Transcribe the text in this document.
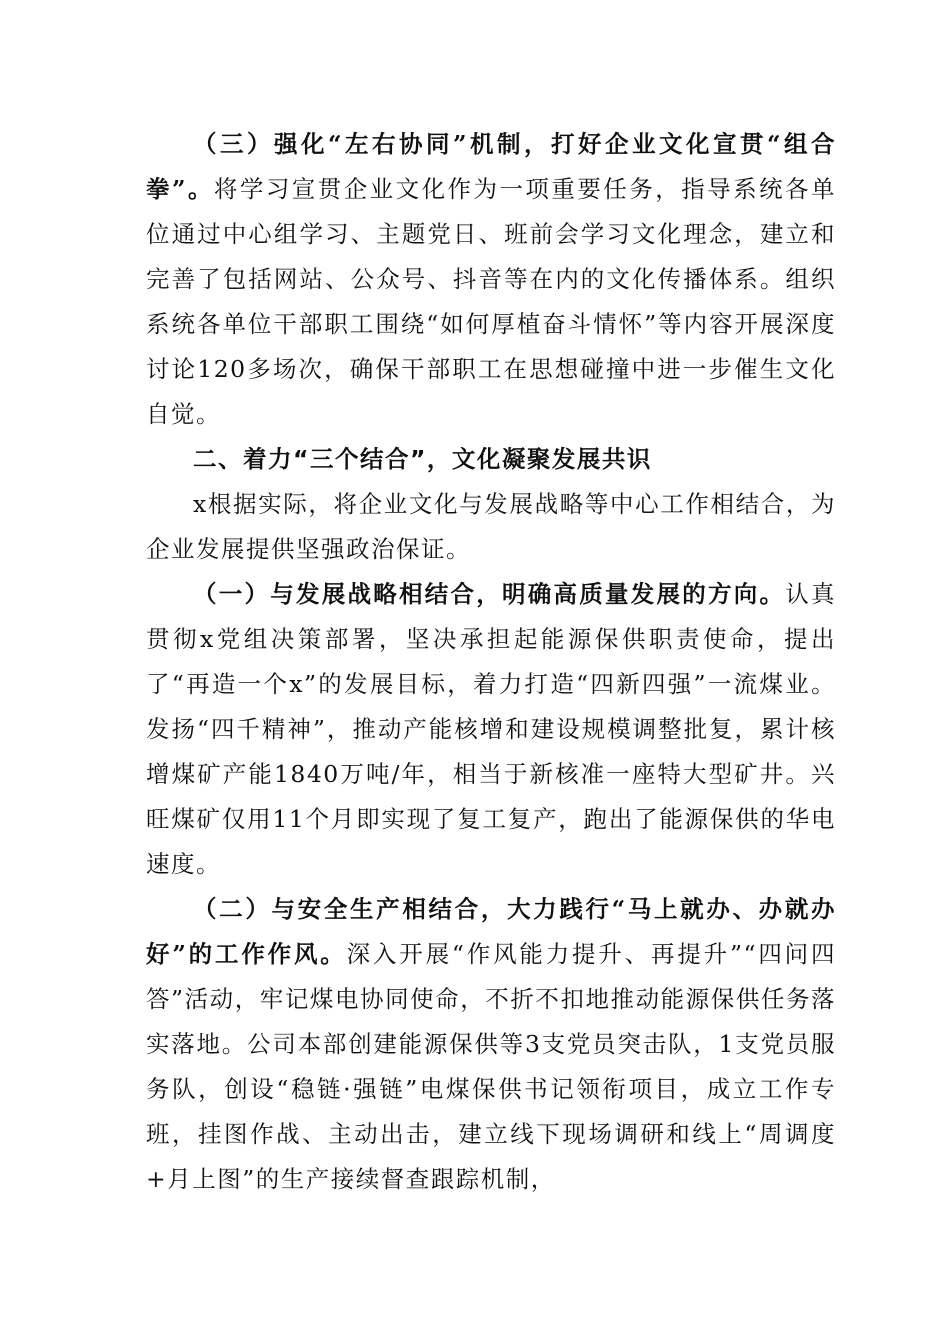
（三）强化“左右协同”机制，打好企业文化宣贯“组合拳”。将学习宣贯企业文化作为一项重要任务，指导系统各单位通过中心组学习、主题党日、班前会学习文化理念，建立和完善了包括网站、公众号、抖音等在内的文化传播体系。组织系统各单位干部职工围绕“如何厚植奋斗情怀”等内容开展深度讨论120多场次，确保干部职工在思想碰撞中进一步催生文化自觉。

二、着力“三个结合”，文化凝聚发展共识

x根据实际，将企业文化与发展战略等中心工作相结合，为企业发展提供坚强政治保证。

（一）与发展战略相结合，明确高质量发展的方向。认真贯彻x党组决策部署，坚决承担起能源保供职责使命，提出了“再造一个x”的发展目标，着力打造“四新四强”一流煤业。发扬“四千精神”，推动产能核增和建设规模调整批复，累计核增煤矿产能1840万吨/年，相当于新核准一座特大型矿井。兴旺煤矿仅用11个月即实现了复工复产，跑出了能源保供的华电速度。

（二）与安全生产相结合，大力践行“马上就办、办就办好”的工作作风。深入开展“作风能力提升、再提升”“四问四答”活动，牢记煤电协同使命，不折不扣地推动能源保供任务落实落地。公司本部创建能源保供等3支党员突击队，1支党员服务队，创设“稳链·强链”电煤保供书记领衔项目，成立工作专班，挂图作战、主动出击，建立线下现场调研和线上“周调度+月上图”的生产接续督查跟踪机制，
